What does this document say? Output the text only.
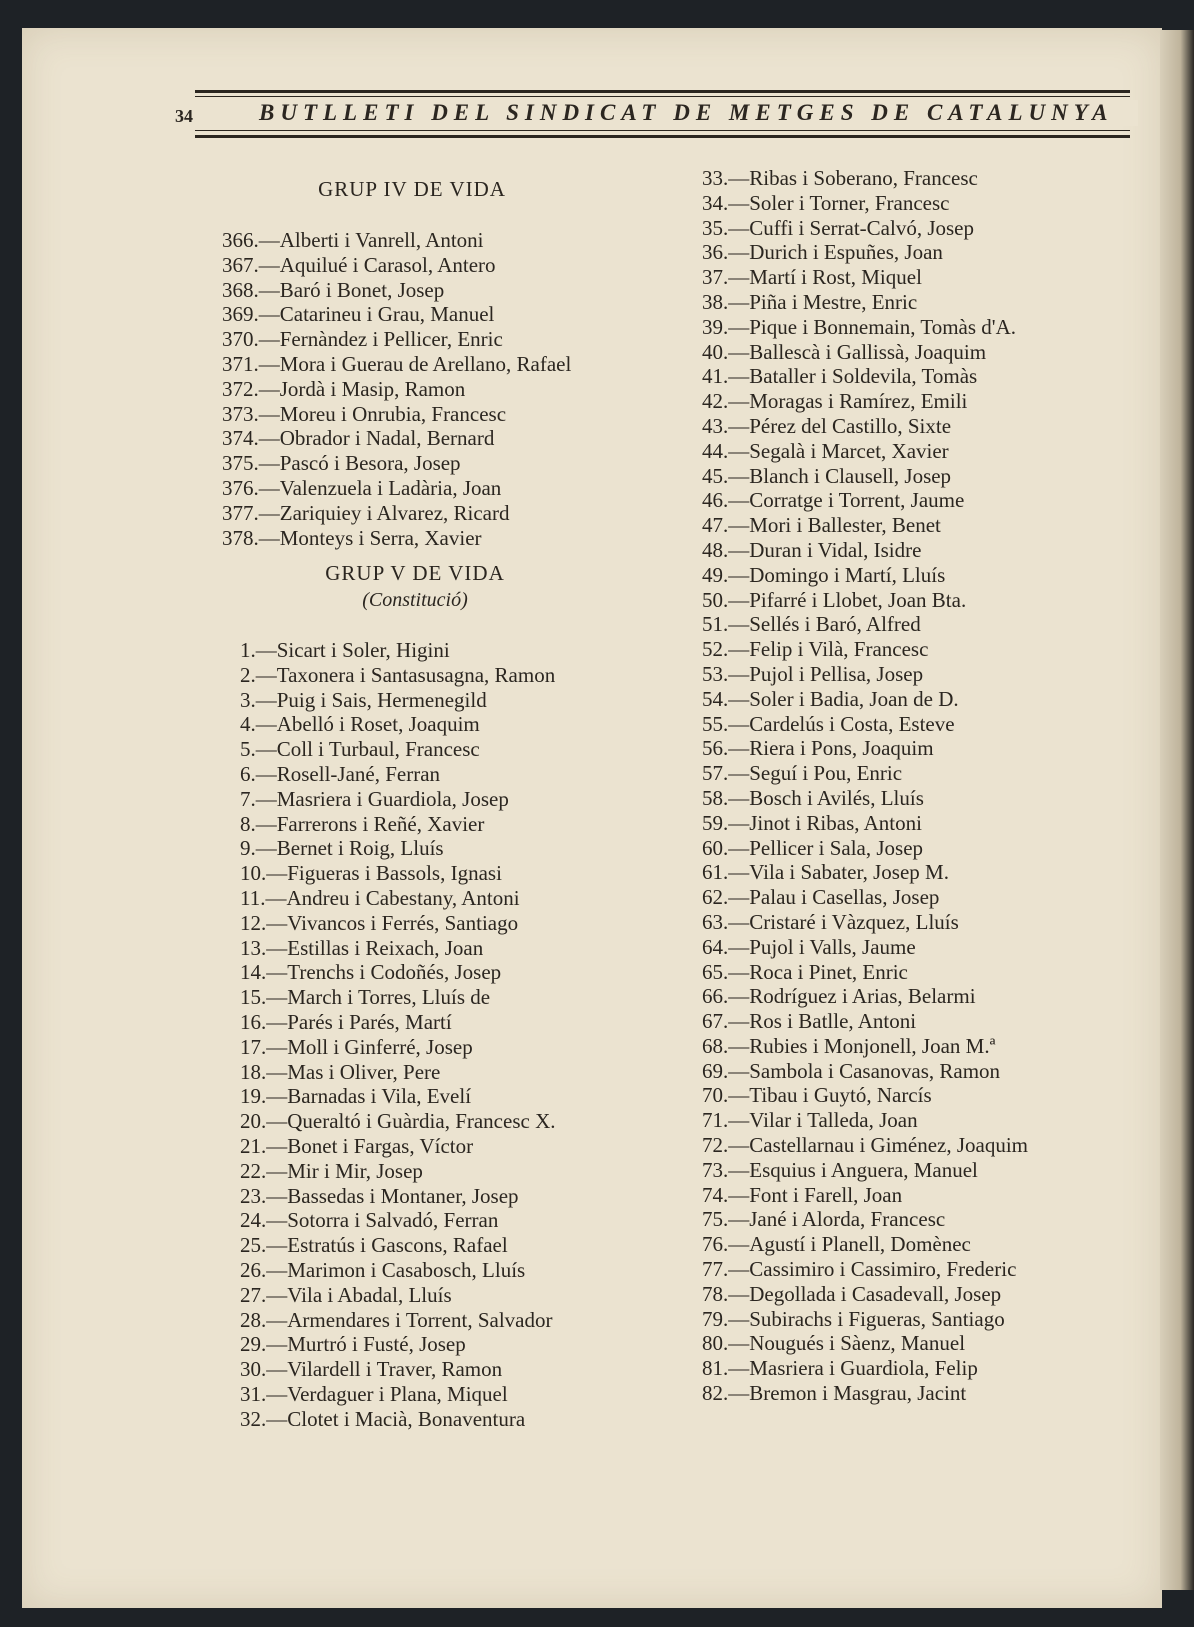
34	BUTLLETI DEL SINDICAT DE METGES DE CATALUNYA
GRUP IV DE VIDA
366.—Alberti i Vanrell, Antoni
367.—Aquilué i Carasol, Antero
368.—Baró i Bonet, Josep
369.—Catarineu i Grau, Manuel
370.—Fernàndez i Pellicer, Enric
371.—Mora i Guerau de Arellano, Rafael
372.—Jordà i Masip, Ramon
373.—Moreu i Onrubia, Francesc
374.—Obrador i Nadal, Bernard
375.—Pascó i Besora, Josep
376.—Valenzuela i Ladària, Joan
377.—Zariquiey i Alvarez, Ricard
378.—Monteys i Serra, Xavier
GRUP V DE VIDA
(Constitució)
1.—Sicart i Soler, Higini
2.—Taxonera i Santasusagna, Ramon
3.—Puig i Sais, Hermenegild
4.—Abelló i Roset, Joaquim
5.—Coll i Turbaul, Francesc
6.—Rosell-Jané, Ferran
7.—Masriera i Guardiola, Josep
8.—Farrerons i Reñé, Xavier
9.—Bernet i Roig, Lluís
10.—Figueras i Bassols, Ignasi
11.—Andreu i Cabestany, Antoni
12.—Vivancos i Ferrés, Santiago
13.—Estillas i Reixach, Joan
14.—Trenchs i Codoñés, Josep
15.—March i Torres, Lluís de
16.—Parés i Parés, Martí
17.—Moll i Ginferré, Josep
18.—Mas i Oliver, Pere
19.—Barnadas i Vila, Evelí
20.—Queraltó i Guàrdia, Francesc X.
21.—Bonet i Fargas, Víctor
22.—Mir i Mir, Josep
23.—Bassedas i Montaner, Josep
24.—Sotorra i Salvadó, Ferran
25.—Estratús i Gascons, Rafael
26.—Marimon i Casabosch, Lluís
27.—Vila i Abadal, Lluís
28.—Armendares i Torrent, Salvador
29.—Murtró i Fusté, Josep
30.—Vilardell i Traver, Ramon
31.—Verdaguer i Plana, Miquel
32.—Clotet i Macià, Bonaventura
33.—Ribas i Soberano, Francesc
34.—Soler i Torner, Francesc
35.—Cuffi i Serrat-Calvó, Josep
36.—Durich i Espuñes, Joan
37.—Martí i Rost, Miquel
38.—Piña i Mestre, Enric
39.—Pique i Bonnemain, Tomàs d'A.
40.—Ballescà i Gallissà, Joaquim
41.—Bataller i Soldevila, Tomàs
42.—Moragas i Ramírez, Emili
43.—Pérez del Castillo, Sixte
44.—Segalà i Marcet, Xavier
45.—Blanch i Clausell, Josep
46.—Corratge i Torrent, Jaume
47.—Mori i Ballester, Benet
48.—Duran i Vidal, Isidre
49.—Domingo i Martí, Lluís
50.—Pifarré i Llobet, Joan Bta.
51.—Sellés i Baró, Alfred
52.—Felip i Vilà, Francesc
53.—Pujol i Pellisa, Josep
54.—Soler i Badia, Joan de D.
55.—Cardelús i Costa, Esteve
56.—Riera i Pons, Joaquim
57.—Seguí i Pou, Enric
58.—Bosch i Avilés, Lluís
59.—Jinot i Ribas, Antoni
60.—Pellicer i Sala, Josep
61.—Vila i Sabater, Josep M.
62.—Palau i Casellas, Josep
63.—Cristaré i Vàzquez, Lluís
64.—Pujol i Valls, Jaume
65.—Roca i Pinet, Enric
66.—Rodríguez i Arias, Belarmi
67.—Ros i Batlle, Antoni
68.—Rubies i Monjonell, Joan M.ª
69.—Sambola i Casanovas, Ramon
70.—Tibau i Guytó, Narcís
71.—Vilar i Talleda, Joan
72.—Castellarnau i Giménez, Joaquim
73.—Esquius i Anguera, Manuel
74.—Font i Farell, Joan
75.—Jané i Alorda, Francesc
76.—Agustí i Planell, Domènec
77.—Cassimiro i Cassimiro, Frederic
78.—Degollada i Casadevall, Josep
79.—Subirachs i Figueras, Santiago
80.—Nougués i Sàenz, Manuel
81.—Masriera i Guardiola, Felip
82.—Bremon i Masgrau, Jacint
